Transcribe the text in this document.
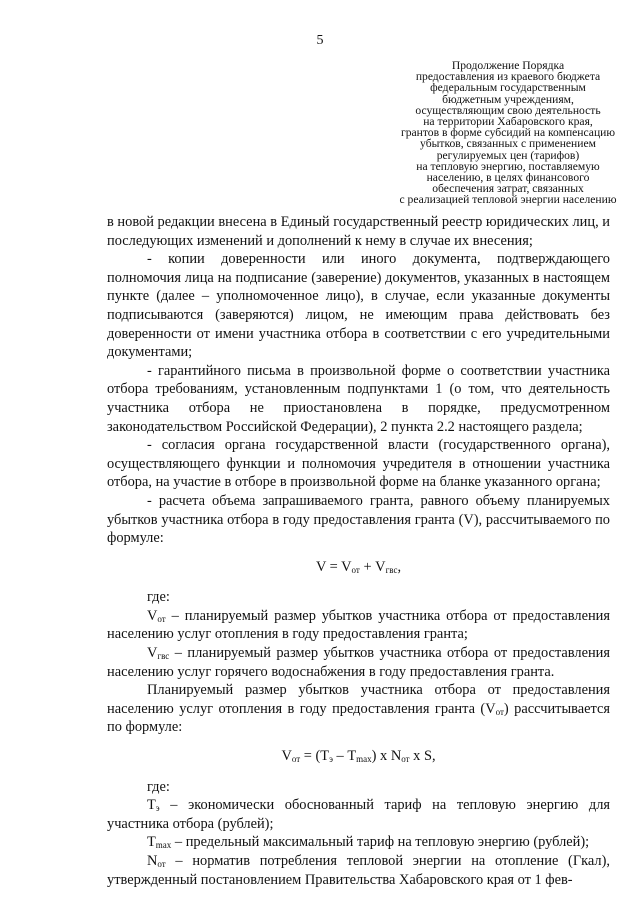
5
Продолжение Порядка
предоставления из краевого бюджета
федеральным государственным
бюджетным учреждениям,
осуществляющим свою деятельность
на территории Хабаровского края,
грантов в форме субсидий на компенсацию
убытков, связанных с применением
регулируемых цен (тарифов)
на тепловую энергию, поставляемую
населению, в целях финансового
обеспечения затрат, связанных
с реализацией тепловой энергии населению

в новой редакции внесена в Единый государственный реестр юридических лиц, и последующих изменений и дополнений к нему в случае их внесения;

- копии доверенности или иного документа, подтверждающего полномочия лица на подписание (заверение) документов, указанных в настоящем пункте (далее – уполномоченное лицо), в случае, если указанные документы подписываются (заверяются) лицом, не имеющим права действовать без доверенности от имени участника отбора в соответствии с его учредительными документами;

- гарантийного письма в произвольной форме о соответствии участника отбора требованиям, установленным подпунктами 1 (о том, что деятельность участника отбора не приостановлена в порядке, предусмотренном законодательством Российской Федерации), 2 пункта 2.2 настоящего раздела;

- согласия органа государственной власти (государственного органа), осуществляющего функции и полномочия учредителя в отношении участника отбора, на участие в отборе в произвольной форме на бланке указанного органа;

- расчета объема запрашиваемого гранта, равного объему планируемых убытков участника отбора в году предоставления гранта (V), рассчитываемого по формуле:

$V = V_{от} + V_{гвс}$,

где:

$V_{от}$ – планируемый размер убытков участника отбора от предоставления населению услуг отопления в году предоставления гранта;

$V_{гвс}$ – планируемый размер убытков участника отбора от предоставления населению услуг горячего водоснабжения в году предоставления гранта.

Планируемый размер убытков участника отбора от предоставления населению услуг отопления в году предоставления гранта $(V_{от})$ рассчитывается по формуле:

$V_{от} = (T_э - T_{max})$ x $N_{от}$ x S,

где:

$T_э$ – экономически обоснованный тариф на тепловую энергию для участника отбора (рублей);

$T_{max}$ – предельный максимальный тариф на тепловую энергию (рублей);

$N_{от}$ – норматив потребления тепловой энергии на отопление (Гкал), утвержденный постановлением Правительства Хабаровского края от 1 фев-
